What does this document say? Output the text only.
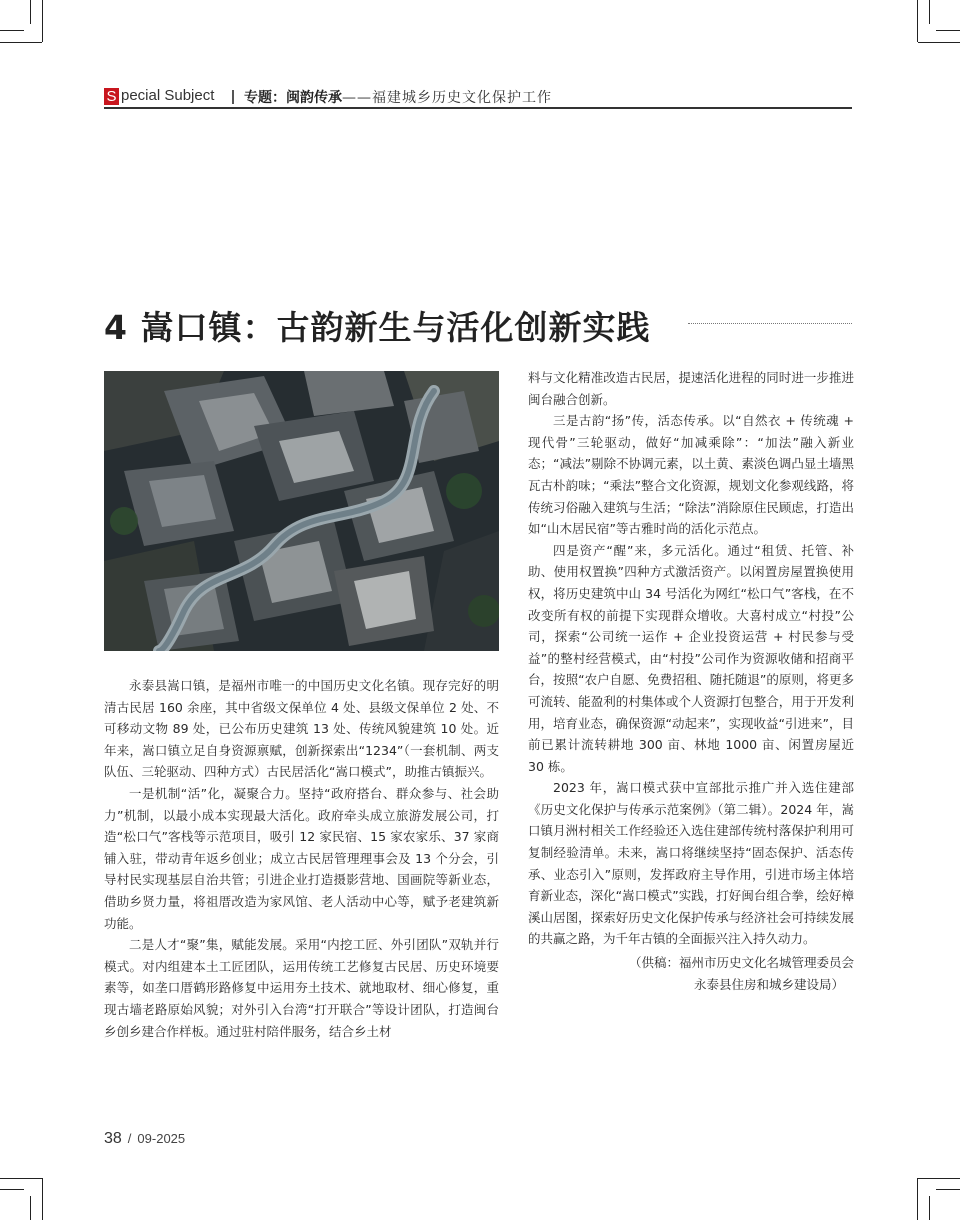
S pecial Subject 专题：闽韵传承——福建城乡历史文化保护工作
4 嵩口镇：古韵新生与活化创新实践

永泰县嵩口镇，是福州市唯一的中国历史文化名镇。现存完好的明清古民居 160 余座，其中省级文保单位 4 处、县级文保单位 2 处、不可移动文物 89 处，已公布历史建筑 13 处、传统风貌建筑 10 处。近年来，嵩口镇立足自身资源禀赋，创新探索出“1234”（一套机制、两支队伍、三轮驱动、四种方式）古民居活化“嵩口模式”，助推古镇振兴。

一是机制“活”化，凝聚合力。坚持“政府搭台、群众参与、社会助力”机制，以最小成本实现最大活化。政府牵头成立旅游发展公司，打造“松口气”客栈等示范项目，吸引 12 家民宿、15 家农家乐、37 家商铺入驻，带动青年返乡创业；成立古民居管理理事会及 13 个分会，引导村民实现基层自治共管；引进企业打造摄影营地、国画院等新业态，借助乡贤力量，将祖厝改造为家风馆、老人活动中心等，赋予老建筑新功能。

二是人才“聚”集，赋能发展。采用“内挖工匠、外引团队”双轨并行模式。对内组建本土工匠团队，运用传统工艺修复古民居、历史环境要素等，如垄口厝鹤形路修复中运用夯土技术、就地取材、细心修复，重现古墙老路原始风貌；对外引入台湾“打开联合”等设计团队，打造闽台乡创乡建合作样板。通过驻村陪伴服务，结合乡土材

料与文化精准改造古民居，提速活化进程的同时进一步推进闽台融合创新。

三是古韵“扬”传，活态传承。以“自然衣 + 传统魂 + 现代骨”三轮驱动，做好“加减乘除”：“加法”融入新业态；“减法”剔除不协调元素，以土黄、素淡色调凸显土墙黑瓦古朴韵味；“乘法”整合文化资源，规划文化参观线路，将传统习俗融入建筑与生活；“除法”消除原住民顾虑，打造出如“山木居民宿”等古雅时尚的活化示范点。

四是资产“醒”来，多元活化。通过“租赁、托管、补助、使用权置换”四种方式激活资产。以闲置房屋置换使用权，将历史建筑中山 34 号活化为网红“松口气”客栈，在不改变所有权的前提下实现群众增收。大喜村成立“村投”公司，探索“公司统一运作 + 企业投资运营 + 村民参与受益”的整村经营模式，由“村投”公司作为资源收储和招商平台，按照“农户自愿、免费招租、随托随退”的原则，将更多可流转、能盈利的村集体或个人资源打包整合，用于开发利用，培育业态，确保资源“动起来”，实现收益“引进来”，目前已累计流转耕地 300 亩、林地 1000 亩、闲置房屋近 30 栋。

2023 年，嵩口模式获中宣部批示推广并入选住建部《历史文化保护与传承示范案例》（第二辑）。2024 年，嵩口镇月洲村相关工作经验还入选住建部传统村落保护利用可复制经验清单。未来，嵩口将继续坚持“固态保护、活态传承、业态引入”原则，发挥政府主导作用，引进市场主体培育新业态，深化“嵩口模式”实践，打好闽台组合拳，绘好樟溪山居图，探索好历史文化保护传承与经济社会可持续发展的共赢之路，为千年古镇的全面振兴注入持久动力。

（供稿：福州市历史文化名城管理委员会
永泰县住房和城乡建设局）
38 / 09-2025
